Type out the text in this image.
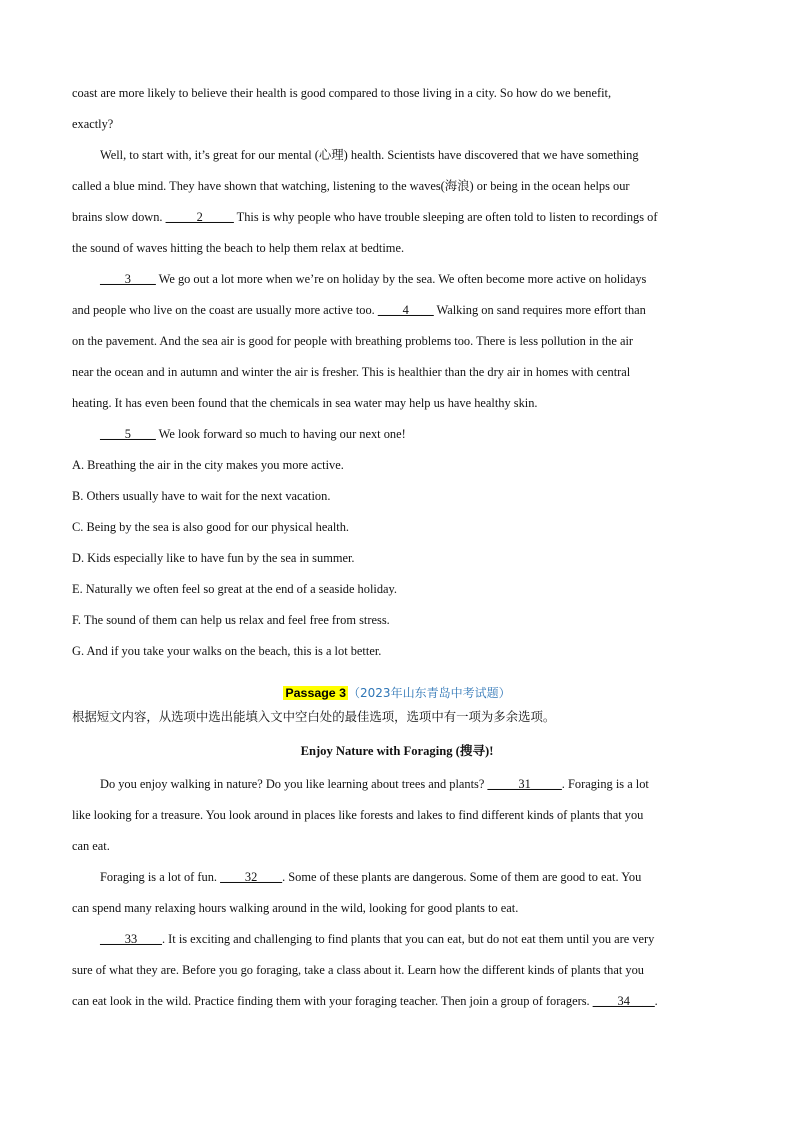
coast are more likely to believe their health is good compared to those living in a city. So how do we benefit,

exactly?

Well, to start with, it’s great for our mental (心理) health. Scientists have discovered that we have something

called a blue mind. They have shown that watching, listening to the waves(海浪) or being in the ocean helps our

brains slow down. _____2_____ This is why people who have trouble sleeping are often told to listen to recordings of

the sound of waves hitting the beach to help them relax at bedtime.

____3____ We go out a lot more when we’re on holiday by the sea. We often become more active on holidays

and people who live on the coast are usually more active too. ____4____ Walking on sand requires more effort than

on the pavement. And the sea air is good for people with breathing problems too. There is less pollution in the air

near the ocean and in autumn and winter the air is fresher. This is healthier than the dry air in homes with central

heating. It has even been found that the chemicals in sea water may help us have healthy skin.

____5____ We look forward so much to having our next one!

A. Breathing the air in the city makes you more active.

B. Others usually have to wait for the next vacation.

C. Being by the sea is also good for our physical health.

D. Kids especially like to have fun by the sea in summer.

E. Naturally we often feel so great at the end of a seaside holiday.

F. The sound of them can help us relax and feel free from stress.

G. And if you take your walks on the beach, this is a lot better.

Passage 3 （2023年山东青岛中考试题）

根据短文内容，从选项中选出能填入文中空白处的最佳选项，选项中有一项为多余选项。

Enjoy Nature with Foraging (搜寻)!

Do you enjoy walking in nature? Do you like learning about trees and plants? _____31_____. Foraging is a lot

like looking for a treasure. You look around in places like forests and lakes to find different kinds of plants that you

can eat.

Foraging is a lot of fun. ____32____. Some of these plants are dangerous. Some of them are good to eat. You

can spend many relaxing hours walking around in the wild, looking for good plants to eat.

____33____. It is exciting and challenging to find plants that you can eat, but do not eat them until you are very

sure of what they are. Before you go foraging, take a class about it. Learn how the different kinds of plants that you

can eat look in the wild. Practice finding them with your foraging teacher. Then join a group of foragers. ____34____.
